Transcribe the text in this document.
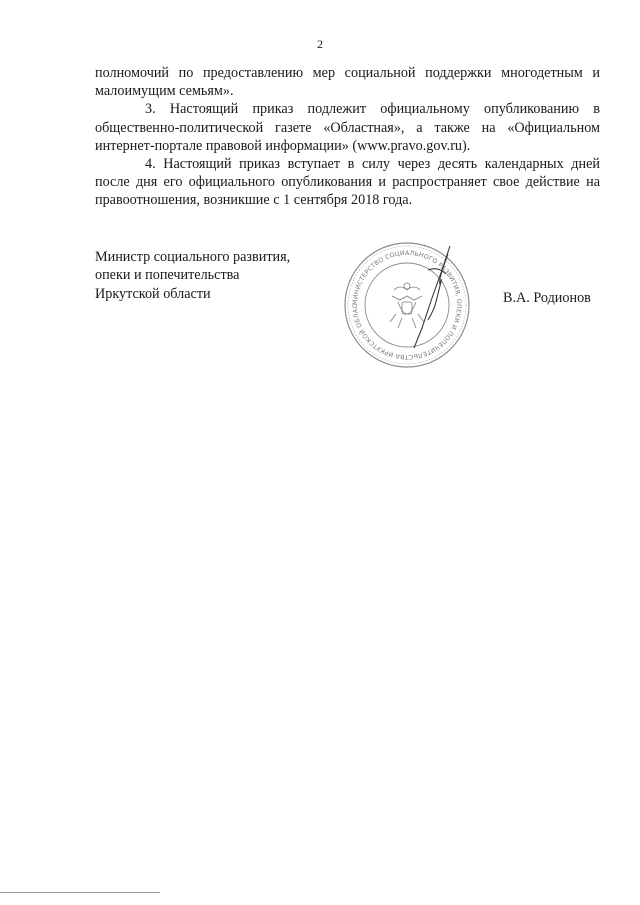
2

полномочий по предоставлению мер социальной поддержки многодетным и малоимущим семьям».

3. Настоящий приказ подлежит официальному опубликованию в общественно-политической газете «Областная», а также на «Официальном интернет-портале правовой информации» (www.pravo.gov.ru).

4. Настоящий приказ вступает в силу через десять календарных дней после дня его официального опубликования и распространяет свое действие на правоотношения, возникшие с 1 сентября 2018 года.

Министр социального развития,
опеки и попечительства
Иркутской области
МИНИСТЕРСТВО СОЦИАЛЬНОГО РАЗВИТИЯ, ОПЕКИ И ПОПЕЧИТЕЛЬСТВА ИРКУТСКОЙ ОБЛАС
В.А. Родионов
